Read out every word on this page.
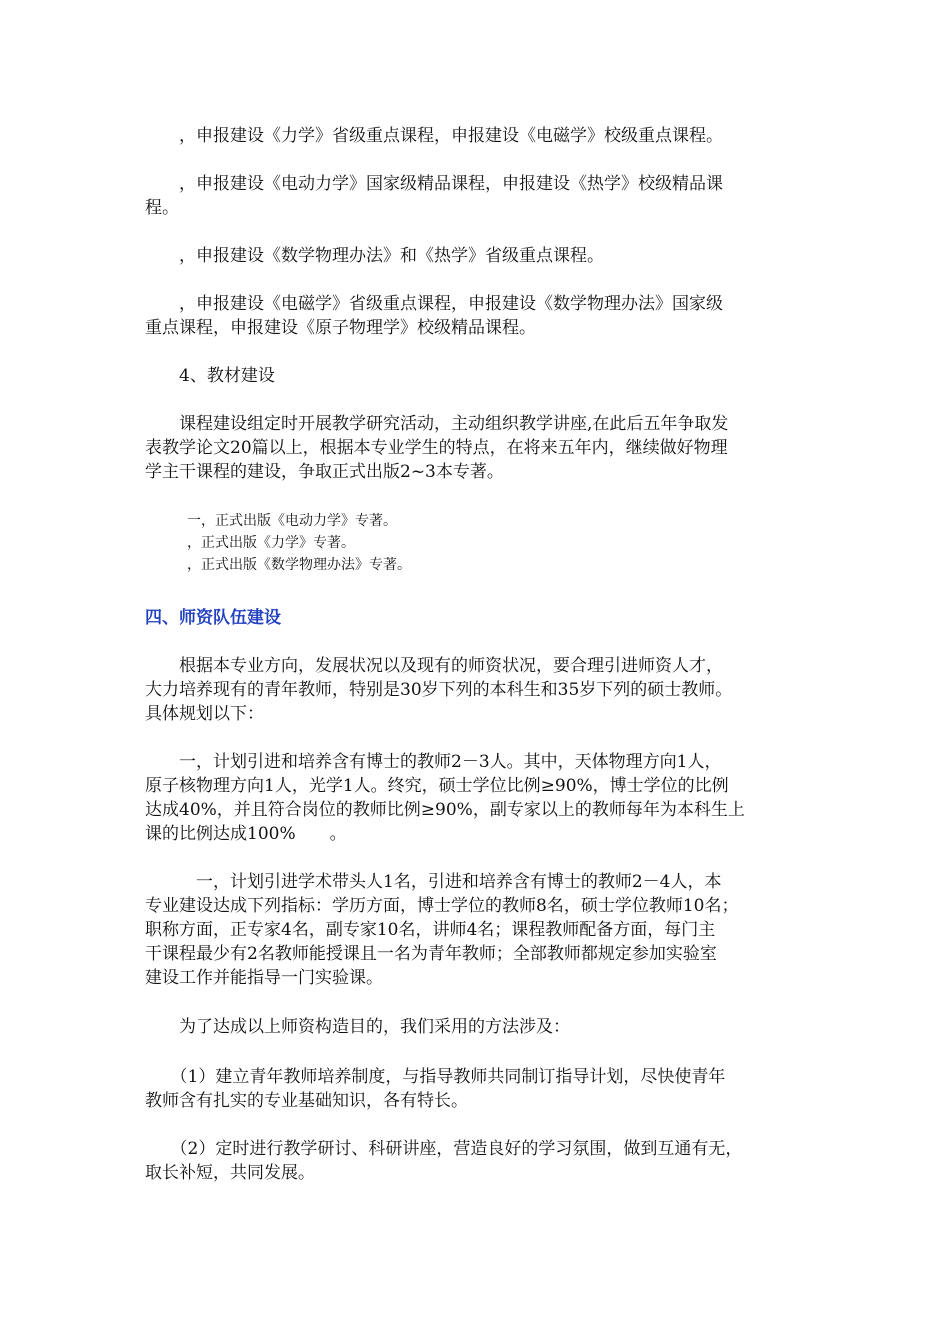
　　，申报建设《力学》省级重点课程，申报建设《电磁学》校级重点课程。

　　，申报建设《电动力学》国家级精品课程，申报建设《热学》校级精品课
程。

　　，申报建设《数学物理办法》和《热学》省级重点课程。

　　，申报建设《电磁学》省级重点课程，申报建设《数学物理办法》国家级
重点课程，申报建设《原子物理学》校级精品课程。

　　4、教材建设

　　课程建设组定时开展教学研究活动，主动组织教学讲座,在此后五年争取发
表教学论文20篇以上，根据本专业学生的特点，在将来五年内，继续做好物理
学主干课程的建设，争取正式出版2~3本专著。

　　　一，正式出版《电动力学》专著。
　　　，正式出版《力学》专著。
　　　，正式出版《数学物理办法》专著。

四、师资队伍建设

　　根据本专业方向，发展状况以及现有的师资状况，要合理引进师资人才，
大力培养现有的青年教师，特别是30岁下列的本科生和35岁下列的硕士教师。
具体规划以下：

　　一，计划引进和培养含有博士的教师2－3人。其中，天体物理方向1人，
原子核物理方向1人，光学1人。终究，硕士学位比例≥90%，博士学位的比例
达成40%，并且符合岗位的教师比例≥90%，副专家以上的教师每年为本科生上
课的比例达成100%　　。

　　　一，计划引进学术带头人1名，引进和培养含有博士的教师2－4人，本
专业建设达成下列指标：学历方面，博士学位的教师8名，硕士学位教师10名；
职称方面，正专家4名，副专家10名，讲师4名；课程教师配备方面，每门主
干课程最少有2名教师能授课且一名为青年教师；全部教师都规定参加实验室
建设工作并能指导一门实验课。

　　为了达成以上师资构造目的，我们采用的方法涉及：

　　（1）建立青年教师培养制度，与指导教师共同制订指导计划，尽快使青年
教师含有扎实的专业基础知识，各有特长。

　　（2）定时进行教学研讨、科研讲座，营造良好的学习氛围，做到互通有无，
取长补短，共同发展。
